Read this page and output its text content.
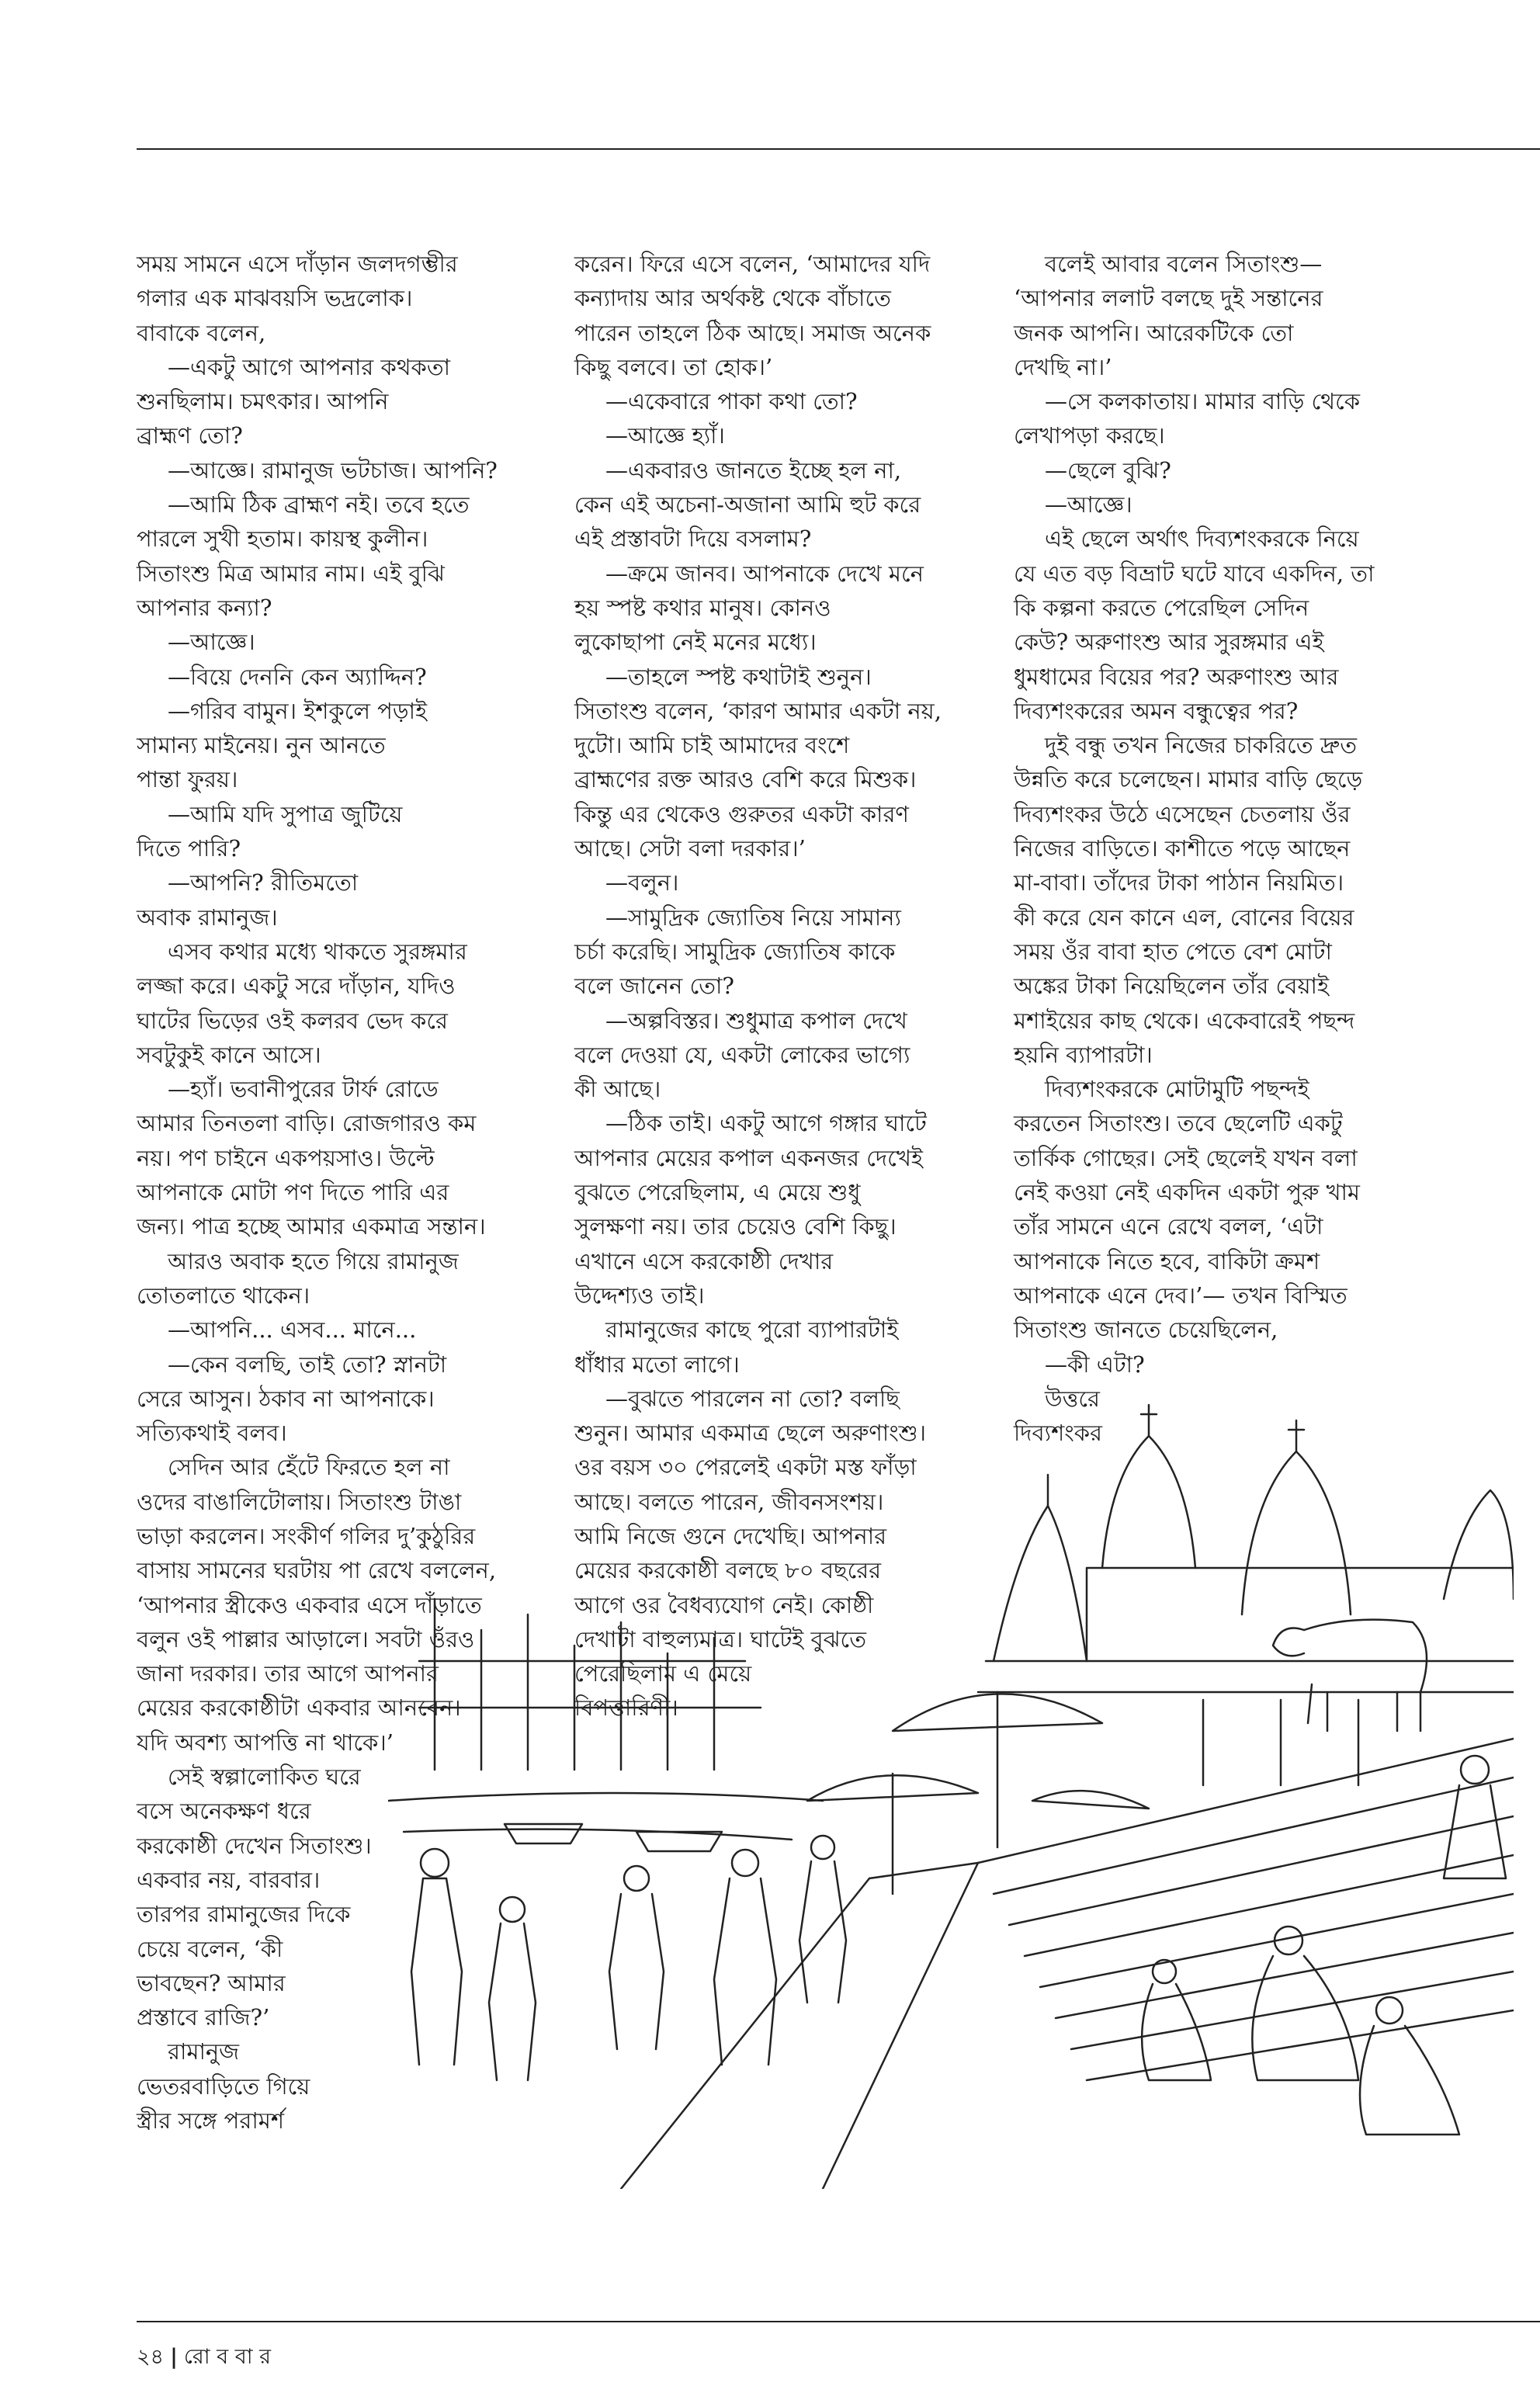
সময় সামনে এসে দাঁড়ান জলদগম্ভীর

গলার এক মাঝবয়সি ভদ্রলোক।

বাবাকে বলেন,

—একটু আগে আপনার কথকতা

শুনছিলাম। চমৎকার। আপনি

ব্রাহ্মণ তো?

—আজ্ঞে। রামানুজ ভটচাজ। আপনি?

—আমি ঠিক ব্রাহ্মণ নই। তবে হতে

পারলে সুখী হতাম। কায়স্থ কুলীন।

সিতাংশু মিত্র আমার নাম। এই বুঝি

আপনার কন্যা?

—আজ্ঞে।

—বিয়ে দেননি কেন অ্যাদ্দিন?

—গরিব বামুন। ইশকুলে পড়াই

সামান্য মাইনেয়। নুন আনতে

পান্তা ফুরয়।

—আমি যদি সুপাত্র জুটিয়ে

দিতে পারি?

—আপনি? রীতিমতো

অবাক রামানুজ।

এসব কথার মধ্যে থাকতে সুরঙ্গমার

লজ্জা করে। একটু সরে দাঁড়ান, যদিও

ঘাটের ভিড়ের ওই কলরব ভেদ করে

সবটুকুই কানে আসে।

—হ্যাঁ। ভবানীপুরের টার্ফ রোডে

আমার তিনতলা বাড়ি। রোজগারও কম

নয়। পণ চাইনে একপয়সাও। উল্টে

আপনাকে মোটা পণ দিতে পারি এর

জন্য। পাত্র হচ্ছে আমার একমাত্র সন্তান।

আরও অবাক হতে গিয়ে রামানুজ

তোতলাতে থাকেন।

—আপনি... এসব... মানে...

—কেন বলছি, তাই তো? স্নানটা

সেরে আসুন। ঠকাব না আপনাকে।

সত্যিকথাই বলব।

সেদিন আর হেঁটে ফিরতে হল না

ওদের বাঙালিটোলায়। সিতাংশু টাঙা

ভাড়া করলেন। সংকীর্ণ গলির দু’কুঠুরির

বাসায় সামনের ঘরটায় পা রেখে বললেন,

‘আপনার স্ত্রীকেও একবার এসে দাঁড়াতে

বলুন ওই পাল্লার আড়ালে। সবটা ওঁরও

জানা দরকার। তার আগে আপনার

মেয়ের করকোষ্ঠীটা একবার আনবেন।

যদি অবশ্য আপত্তি না থাকে।’

সেই স্বল্পালোকিত ঘরে

বসে অনেকক্ষণ ধরে

করকোষ্ঠী দেখেন সিতাংশু।

একবার নয়, বারবার।

তারপর রামানুজের দিকে

চেয়ে বলেন, ‘কী

ভাবছেন? আমার

প্রস্তাবে রাজি?’

রামানুজ

ভেতরবাড়িতে গিয়ে

স্ত্রীর সঙ্গে পরামর্শ

করেন। ফিরে এসে বলেন, ‘আমাদের যদি

কন্যাদায় আর অর্থকষ্ট থেকে বাঁচাতে

পারেন তাহলে ঠিক আছে। সমাজ অনেক

কিছু বলবে। তা হোক।’

—একেবারে পাকা কথা তো?

—আজ্ঞে হ্যাঁ।

—একবারও জানতে ইচ্ছে হল না,

কেন এই অচেনা-অজানা আমি হুট করে

এই প্রস্তাবটা দিয়ে বসলাম?

—ক্রমে জানব। আপনাকে দেখে মনে

হয় স্পষ্ট কথার মানুষ। কোনও

লুকোছাপা নেই মনের মধ্যে।

—তাহলে স্পষ্ট কথাটাই শুনুন।

সিতাংশু বলেন, ‘কারণ আমার একটা নয়,

দুটো। আমি চাই আমাদের বংশে

ব্রাহ্মণের রক্ত আরও বেশি করে মিশুক।

কিন্তু এর থেকেও গুরুতর একটা কারণ

আছে। সেটা বলা দরকার।’

—বলুন।

—সামুদ্রিক জ্যোতিষ নিয়ে সামান্য

চর্চা করেছি। সামুদ্রিক জ্যোতিষ কাকে

বলে জানেন তো?

—অল্পবিস্তর। শুধুমাত্র কপাল দেখে

বলে দেওয়া যে, একটা লোকের ভাগ্যে

কী আছে।

—ঠিক তাই। একটু আগে গঙ্গার ঘাটে

আপনার মেয়ের কপাল একনজর দেখেই

বুঝতে পেরেছিলাম, এ মেয়ে শুধু

সুলক্ষণা নয়। তার চেয়েও বেশি কিছু।

এখানে এসে করকোষ্ঠী দেখার

উদ্দেশ্যও তাই।

রামানুজের কাছে পুরো ব্যাপারটাই

ধাঁধার মতো লাগে।

—বুঝতে পারলেন না তো? বলছি

শুনুন। আমার একমাত্র ছেলে অরুণাংশু।

ওর বয়স ৩০ পেরলেই একটা মস্ত ফাঁড়া

আছে। বলতে পারেন, জীবনসংশয়।

আমি নিজে গুনে দেখেছি। আপনার

মেয়ের করকোষ্ঠী বলছে ৮০ বছরের

আগে ওর বৈধব্যযোগ নেই। কোষ্ঠী

দেখাটা বাহুল্যমাত্র। ঘাটেই বুঝতে

পেরেছিলাম এ মেয়ে

বিপত্তারিণী।

বলেই আবার বলেন সিতাংশু—

‘আপনার ললাট বলছে দুই সন্তানের

জনক আপনি। আরেকটিকে তো

দেখছি না।’

—সে কলকাতায়। মামার বাড়ি থেকে

লেখাপড়া করছে।

—ছেলে বুঝি?

—আজ্ঞে।

এই ছেলে অর্থাৎ দিব্যশংকরকে নিয়ে

যে এত বড় বিভ্রাট ঘটে যাবে একদিন, তা

কি কল্পনা করতে পেরেছিল সেদিন

কেউ? অরুণাংশু আর সুরঙ্গমার এই

ধুমধামের বিয়ের পর? অরুণাংশু আর

দিব্যশংকরের অমন বন্ধুত্বের পর?

দুই বন্ধু তখন নিজের চাকরিতে দ্রুত

উন্নতি করে চলেছেন। মামার বাড়ি ছেড়ে

দিব্যশংকর উঠে এসেছেন চেতলায় ওঁর

নিজের বাড়িতে। কাশীতে পড়ে আছেন

মা-বাবা। তাঁদের টাকা পাঠান নিয়মিত।

কী করে যেন কানে এল, বোনের বিয়ের

সময় ওঁর বাবা হাত পেতে বেশ মোটা

অঙ্কের টাকা নিয়েছিলেন তাঁর বেয়াই

মশাইয়ের কাছ থেকে। একেবারেই পছন্দ

হয়নি ব্যাপারটা।

দিব্যশংকরকে মোটামুটি পছন্দই

করতেন সিতাংশু। তবে ছেলেটি একটু

তার্কিক গোছের। সেই ছেলেই যখন বলা

নেই কওয়া নেই একদিন একটা পুরু খাম

তাঁর সামনে এনে রেখে বলল, ‘এটা

আপনাকে নিতে হবে, বাকিটা ক্রমশ

আপনাকে এনে দেব।’— তখন বিস্মিত

সিতাংশু জানতে চেয়েছিলেন,

—কী এটা?

উত্তরে

দিব্যশংকর

২৪ | রো ব বা র
